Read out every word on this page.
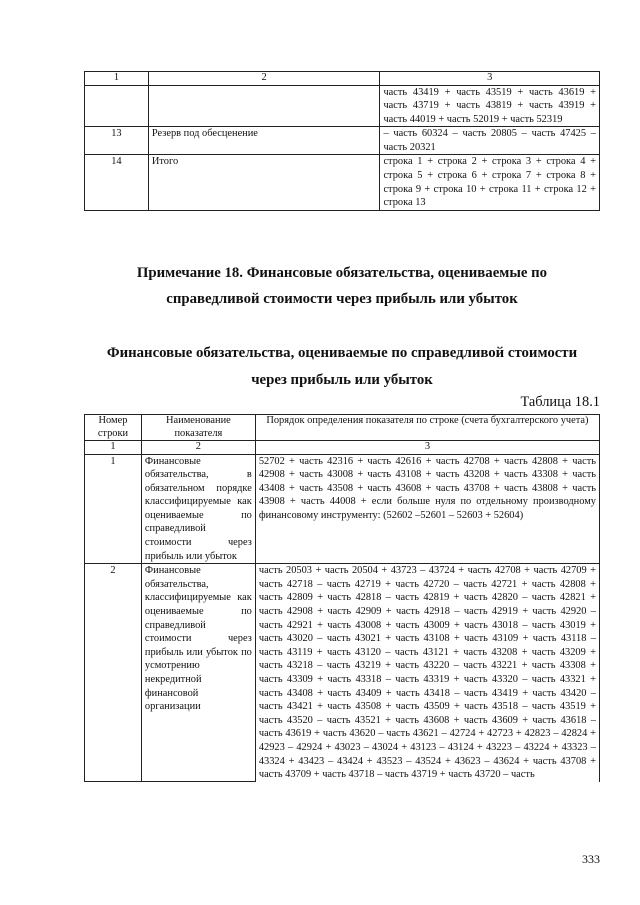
1	2	3
		часть 43419 + часть 43519 + часть 43619 + часть 43719 + часть 43819 + часть 43919 + часть 44019 + часть 52019 + часть 52319
13	Резерв под обесценение	– часть 60324 – часть 20805 – часть 47425 – часть 20321
14	Итого	строка 1 + строка 2 + строка 3 + строка 4 + строка 5 + строка 6 + строка 7 + строка 8 + строка 9 + строка 10 + строка 11 + строка 12 + строка 13

Примечание 18. Финансовые обязательства, оцениваемые по

справедливой стоимости через прибыль или убыток

Финансовые обязательства, оцениваемые по справедливой стоимости

через прибыль или убыток

Таблица 18.1
Номер строки	Наименование показателя	Порядок определения показателя по строке (счета бухгалтерского учета)
1	2	3
1	Финансовые обязательства, в обязательном порядке классифицируемые как оцениваемые по справедливой стоимости через прибыль или убыток	52702 + часть 42316 + часть 42616 + часть 42708 + часть 42808 + часть 42908 + часть 43008 + часть 43108 + часть 43208 + часть 43308 + часть 43408 + часть 43508 + часть 43608 + часть 43708 + часть 43808 + часть 43908 + часть 44008 + если больше нуля по отдельному производному финансовому инструменту: (52602 –52601 – 52603 + 52604)
2	Финансовые обязательства, классифицируемые как оцениваемые по справедливой стоимости через прибыль или убыток по усмотрению некредитной финансовой организации	часть 20503 + часть 20504 + 43723 – 43724 + часть 42708 + часть 42709 + часть 42718 – часть 42719 + часть 42720 – часть 42721 + часть 42808 + часть 42809 + часть 42818 – часть 42819 + часть 42820 – часть 42821 + часть 42908 + часть 42909 + часть 42918 – часть 42919 + часть 42920 – часть 42921 + часть 43008 + часть 43009 + часть 43018 – часть 43019 + часть 43020 – часть 43021 + часть 43108 + часть 43109 + часть 43118 – часть 43119 + часть 43120 – часть 43121 + часть 43208 + часть 43209 + часть 43218 – часть 43219 + часть 43220 – часть 43221 + часть 43308 + часть 43309 + часть 43318 – часть 43319 + часть 43320 – часть 43321 + часть 43408 + часть 43409 + часть 43418 – часть 43419 + часть 43420 – часть 43421 + часть 43508 + часть 43509 + часть 43518 – часть 43519 + часть 43520 – часть 43521 + часть 43608 + часть 43609 + часть 43618 – часть 43619 + часть 43620 – часть 43621 – 42724 + 42723 + 42823 – 42824 + 42923 – 42924 + 43023 – 43024 + 43123 – 43124 + 43223 – 43224 + 43323 – 43324 + 43423 – 43424 + 43523 – 43524 + 43623 – 43624 + часть 43708 + часть 43709 + часть 43718 – часть 43719 + часть 43720 – часть
333
